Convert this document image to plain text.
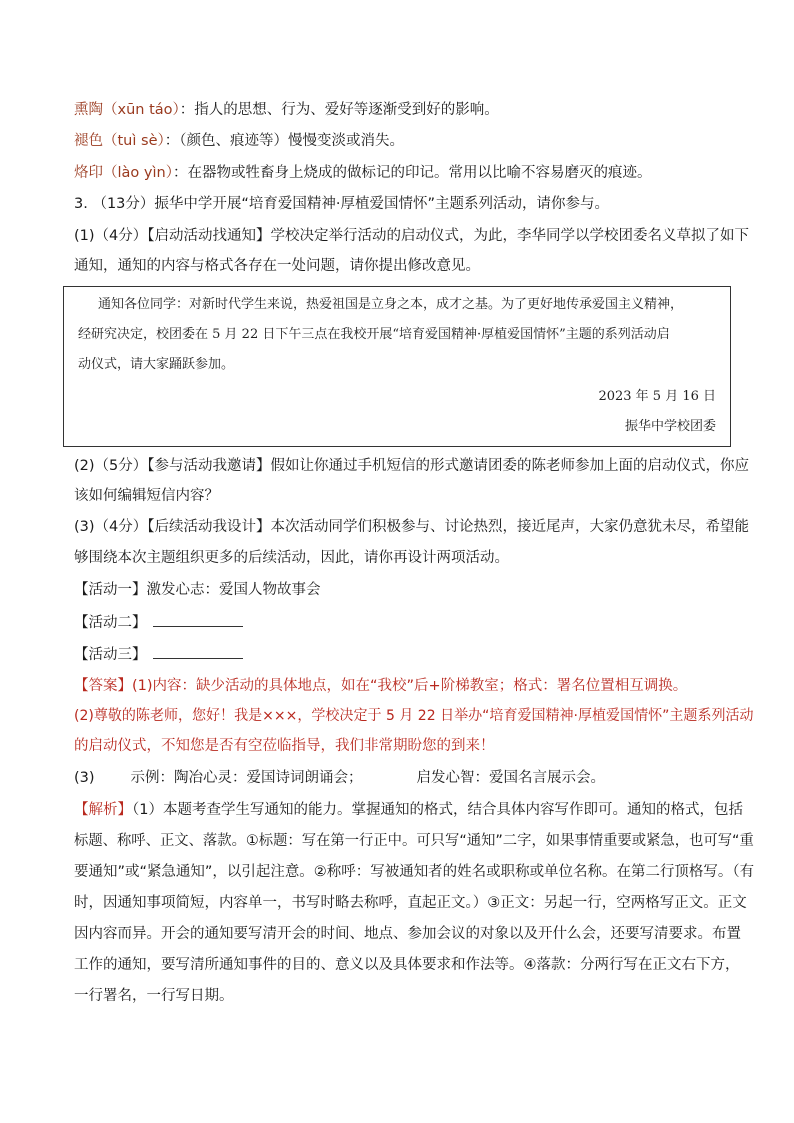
熏陶（xūn táo）：指人的思想、行为、爱好等逐渐受到好的影响。
褪色（tuì sè）：（颜色、痕迹等）慢慢变淡或消失。
烙印（lào yìn）：在器物或牲畜身上烧成的做标记的印记。常用以比喻不容易磨灭的痕迹。
3. （13分）振华中学开展“培育爱国精神·厚植爱国情怀”主题系列活动，请你参与。
(1)（4分）【启动活动找通知】学校决定举行活动的启动仪式，为此，李华同学以学校团委名义草拟了如下
通知，通知的内容与格式各存在一处问题，请你提出修改意见。
通知各位同学：对新时代学生来说，热爱祖国是立身之本，成才之基。为了更好地传承爱国主义精神，
经研究决定，校团委在 5 月 22 日下午三点在我校开展“培育爱国精神·厚植爱国情怀”主题的系列活动启
动仪式，请大家踊跃参加。
2023 年 5 月 16 日
振华中学校团委
(2)（5分）【参与活动我邀请】假如让你通过手机短信的形式邀请团委的陈老师参加上面的启动仪式，你应
该如何编辑短信内容？
(3)（4分）【后续活动我设计】本次活动同学们积极参与、讨论热烈，接近尾声，大家仍意犹未尽，希望能
够围绕本次主题组织更多的后续活动，因此，请你再设计两项活动。
【活动一】激发心志：爱国人物故事会
【活动二】
【活动三】
【答案】(1)内容：缺少活动的具体地点，如在“我校”后+阶梯教室；格式：署名位置相互调换。
(2)尊敬的陈老师，您好！我是×××，学校决定于 5 月 22 日举办“培育爱国精神·厚植爱国情怀”主题系列活动
的启动仪式，不知您是否有空莅临指导，我们非常期盼您的到来！
(3) 示例：陶冶心灵：爱国诗词朗诵会；	启发心智：爱国名言展示会。
【解析】（1）本题考查学生写通知的能力。掌握通知的格式，结合具体内容写作即可。通知的格式，包括
标题、称呼、正文、落款。①标题：写在第一行正中。可只写“通知”二字，如果事情重要或紧急，也可写“重
要通知”或“紧急通知”，以引起注意。②称呼：写被通知者的姓名或职称或单位名称。在第二行顶格写。（有
时，因通知事项简短，内容单一，书写时略去称呼，直起正文。）③正文：另起一行，空两格写正文。正文
因内容而异。开会的通知要写清开会的时间、地点、参加会议的对象以及开什么会，还要写清要求。布置
工作的通知，要写清所通知事件的目的、意义以及具体要求和作法等。④落款：分两行写在正文右下方，
一行署名，一行写日期。
